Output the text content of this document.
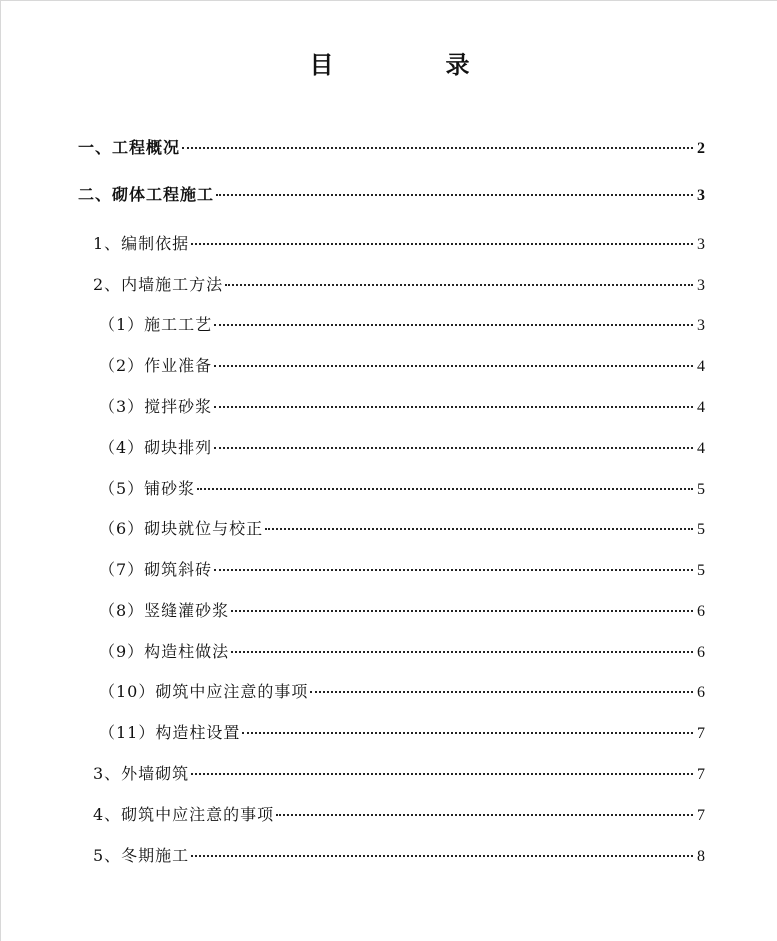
目　录
一、工程概况	2
二、砌体工程施工	3
1、编制依据	3
2、内墙施工方法	3
（1）施工工艺	3
（2）作业准备	4
（3）搅拌砂浆	4
（4）砌块排列	4
（5）铺砂浆	5
（6）砌块就位与校正	5
（7）砌筑斜砖	5
（8）竖缝灌砂浆	6
（9）构造柱做法	6
（10）砌筑中应注意的事项	6
（11）构造柱设置	7
3、外墙砌筑	7
4、砌筑中应注意的事项	7
5、冬期施工	8
